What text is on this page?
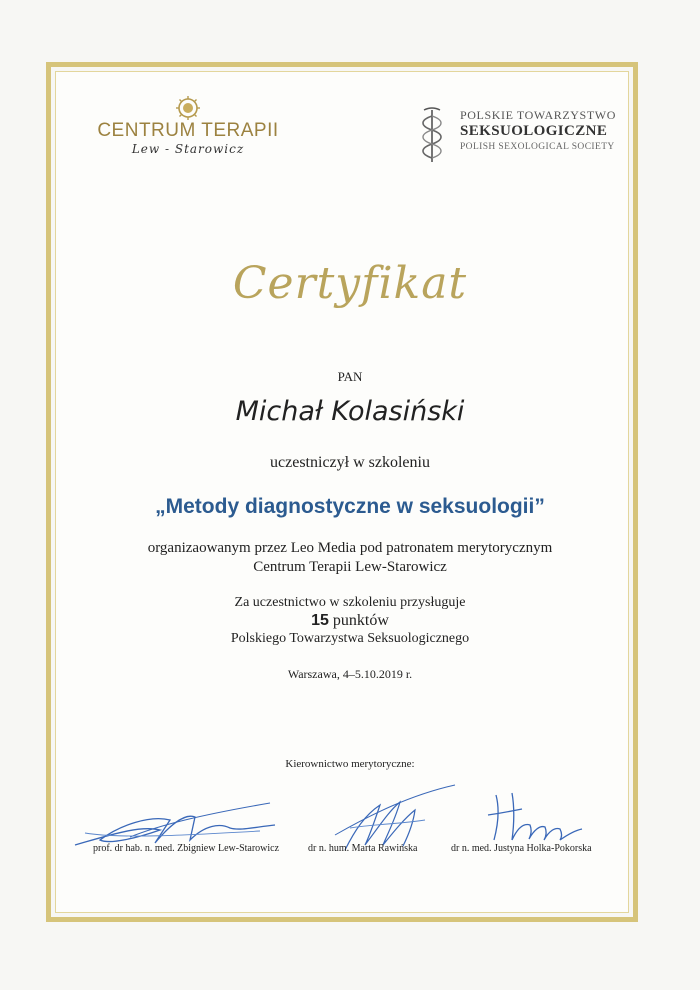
CENTRUM TERAPII
Lew - Starowicz
POLSKIE TOWARZYSTWO
SEKSUOLOGICZNE
POLISH SEXOLOGICAL SOCIETY
Certyfikat
PAN
Michał Kolasiński
uczestniczył w szkoleniu
„Metody diagnostyczne w seksuologii”
organizaowanym przez Leo Media pod patronatem merytorycznym
Centrum Terapii Lew-Starowicz
Za uczestnictwo w szkoleniu przysługuje
15 punktów
Polskiego Towarzystwa Seksuologicznego
Warszawa, 4–5.10.2019 r.
Kierownictwo merytoryczne:
prof. dr hab. n. med. Zbigniew Lew-Starowicz	dr n. hum. Marta Rawińska	dr n. med. Justyna Holka-Pokorska
